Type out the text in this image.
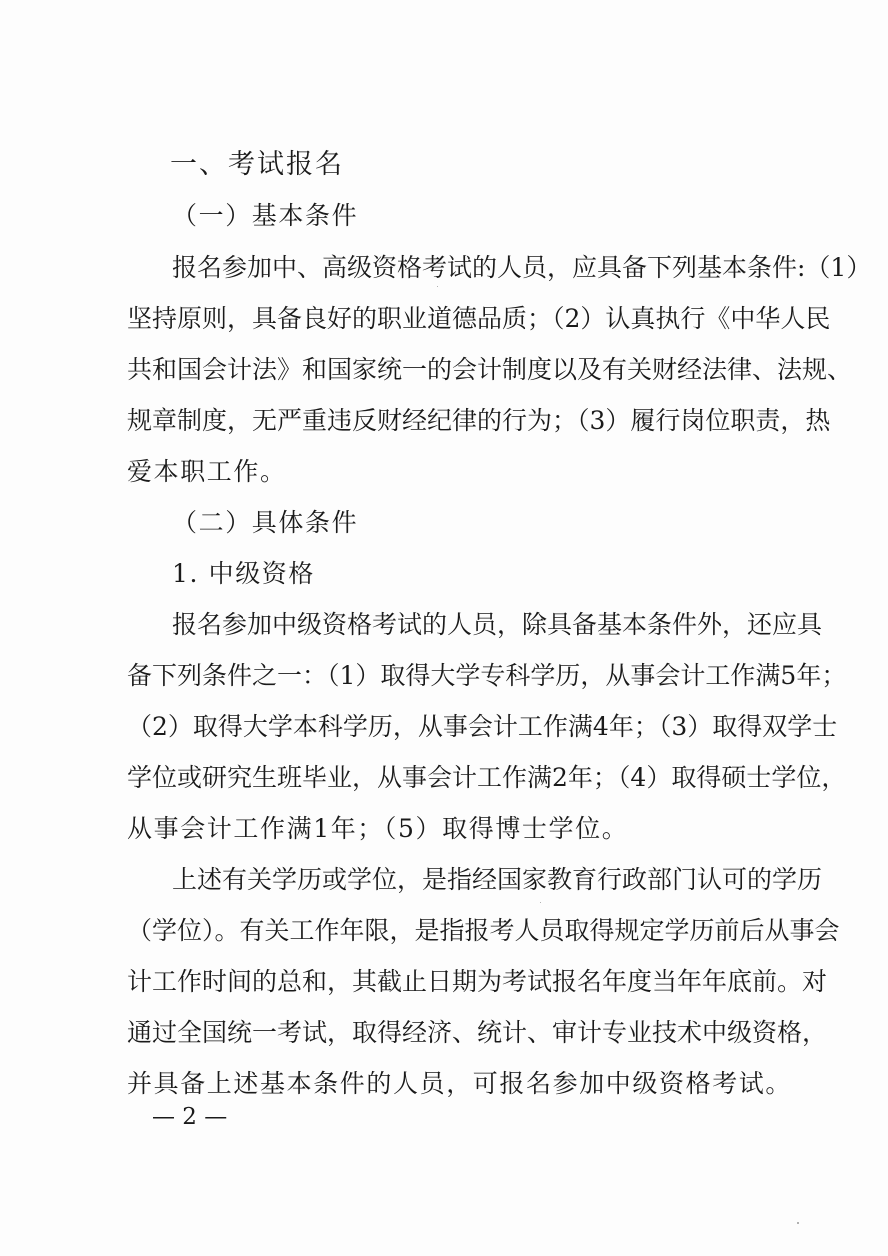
一、考试报名
（一）基本条件
报名参加中、高级资格考试的人员，应具备下列基本条件:（1）
坚持原则，具备良好的职业道德品质；（2）认真执行《中华人民
共和国会计法》和国家统一的会计制度以及有关财经法律、法规、
规章制度，无严重违反财经纪律的行为；（3）履行岗位职责，热
爱本职工作。
（二）具体条件
1. 中级资格
报名参加中级资格考试的人员，除具备基本条件外，还应具
备下列条件之一：（1）取得大学专科学历，从事会计工作满5年；
（2）取得大学本科学历，从事会计工作满4年；（3）取得双学士
学位或研究生班毕业，从事会计工作满2年；（4）取得硕士学位，
从事会计工作满1年；（5）取得博士学位。
上述有关学历或学位，是指经国家教育行政部门认可的学历
（学位）。有关工作年限，是指报考人员取得规定学历前后从事会
计工作时间的总和，其截止日期为考试报名年度当年年底前。对
通过全国统一考试，取得经济、统计、审计专业技术中级资格，
并具备上述基本条件的人员，可报名参加中级资格考试。
— 2 —
